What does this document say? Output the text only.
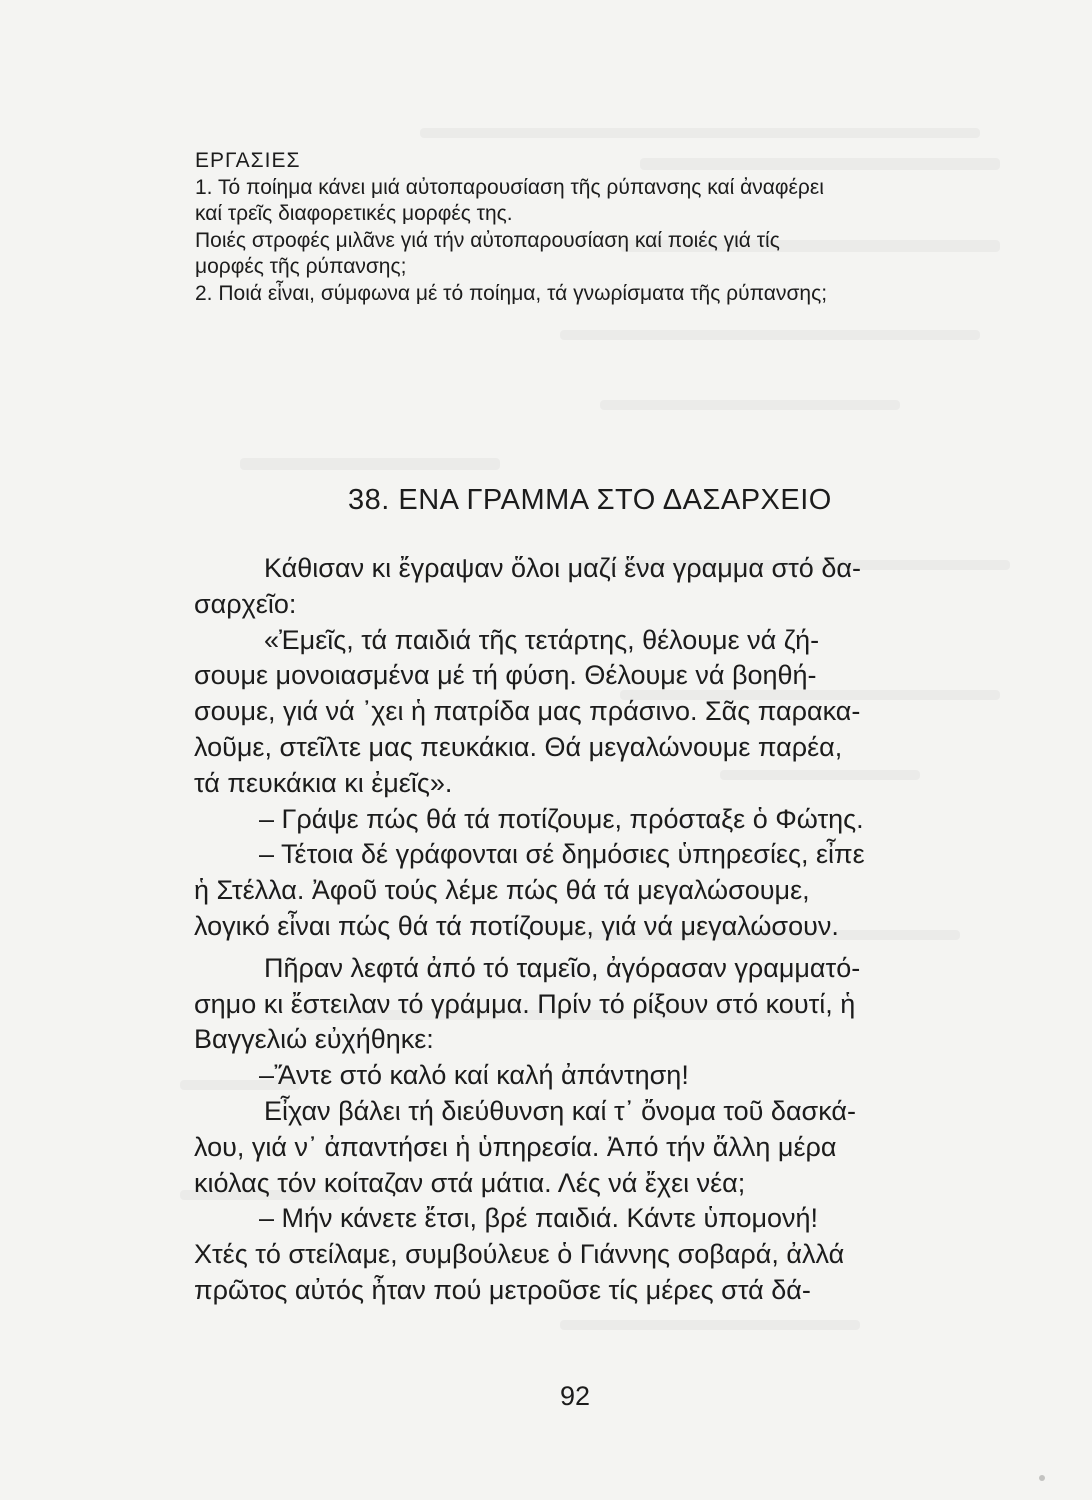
ΕΡΓΑΣΙΕΣ
1. Τό ποίημα κάνει μιά αὐτοπαρουσίαση τῆς ρύπανσης καί ἀναφέρει
καί τρεῖς διαφορετικές μορφές της.
Ποιές στροφές μιλᾶνε γιά τήν αὐτοπαρουσίαση καί ποιές γιά τίς
μορφές τῆς ρύπανσης;
2. Ποιά εἶναι, σύμφωνα μέ τό ποίημα, τά γνωρίσματα τῆς ρύπανσης;
38. ΕΝΑ ΓΡΑΜΜΑ ΣΤΟ ΔΑΣΑΡΧΕΙΟ
Κάθισαν κι ἔγραψαν ὅλοι μαζί ἕνα γραμμα στό δα-
σαρχεῖο:
«Ἐμεῖς, τά παιδιά τῆς τετάρτης, θέλουμε νά ζή-
σουμε μονοιασμένα μέ τή φύση. Θέλουμε νά βοηθή-
σουμε, γιά νά ᾽χει ἡ πατρίδα μας πράσινο. Σᾶς παρακα-
λοῦμε, στεῖλτε μας πευκάκια. Θά μεγαλώνουμε παρέα,
τά πευκάκια κι ἐμεῖς».
– Γράψε πώς θά τά ποτίζουμε, πρόσταξε ὁ Φώτης.
– Τέτοια δέ γράφονται σέ δημόσιες ὑπηρεσίες, εἶπε
ἡ Στέλλα. Ἀφοῦ τούς λέμε πώς θά τά μεγαλώσουμε,
λογικό εἶναι πώς θά τά ποτίζουμε, γιά νά μεγαλώσουν.
Πῆραν λεφτά ἀπό τό ταμεῖο, ἀγόρασαν γραμματό-
σημο κι ἔστειλαν τό γράμμα. Πρίν τό ρίξουν στό κουτί, ἡ
Βαγγελιώ εὐχήθηκε:
–Ἄντε στό καλό καί καλή ἀπάντηση!
Εἶχαν βάλει τή διεύθυνση καί τ᾽ ὄνομα τοῦ δασκά-
λου, γιά ν᾽ ἀπαντήσει ἡ ὑπηρεσία. Ἀπό τήν ἄλλη μέρα
κιόλας τόν κοίταζαν στά μάτια. Λές νά ἔχει νέα;
– Μήν κάνετε ἔτσι, βρέ παιδιά. Κάντε ὑπομονή!
Χτές τό στείλαμε, συμβούλευε ὁ Γιάννης σοβαρά, ἀλλά
πρῶτος αὐτός ἦταν πού μετροῦσε τίς μέρες στά δά-
92
